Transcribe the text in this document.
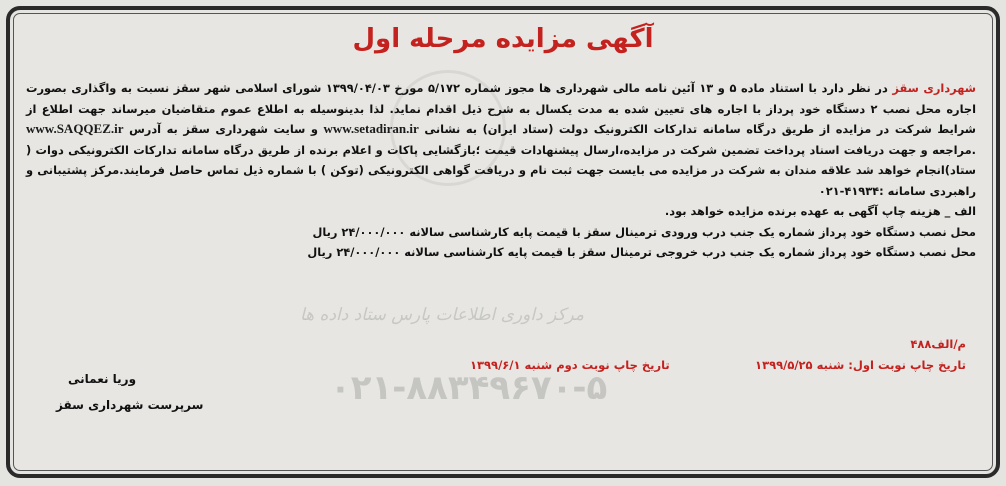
آگهی مزایده مرحله اول

شهرداری سقز در نظر دارد با استناد ماده ۵ و ۱۳ آئین نامه مالی شهرداری ها مجوز شماره ۵/۱۷۲ مورخ ۱۳۹۹/۰۴/۰۳ شورای اسلامی شهر سقز نسبت به واگذاری بصورت اجاره محل نصب ۲ دستگاه خود پرداز با اجاره های تعیین شده به مدت یکسال به شرح ذیل اقدام نماید. لذا بدینوسیله به اطلاع عموم متقاضیان میرساند جهت اطلاع از شرایط شرکت در مزایده از طریق درگاه سامانه تدارکات الکترونیک دولت (ستاد ایران) به نشانی www.setadiran.ir و سایت شهرداری سقز به آدرس www.SAQQEZ.ir .مراجعه و جهت دریافت اسناد پرداخت تضمین شرکت در مزایده،ارسال پیشنهادات قیمت ؛بازگشایی پاکات و اعلام برنده از طریق درگاه سامانه تدارکات الکترونیکی دوات ( ستاد)انجام خواهد شد علاقه مندان به شرکت در مزایده می بایست جهت ثبت نام و دریافت گواهی الکترونیکی (توکن ) با شماره ذیل تماس حاصل فرمایند.مرکز پشتیبانی و راهبردی سامانه :۴۱۹۳۴-۰۲۱

الف _ هزینه چاپ آگهی به عهده برنده مزایده خواهد بود.

محل نصب دستگاه خود پرداز شماره یک جنب درب ورودی ترمینال سقز با قیمت پایه کارشناسی سالانه ۲۴/۰۰۰/۰۰۰ ریال

محل نصب دستگاه خود پرداز شماره یک جنب درب خروجی ترمینال سقز با قیمت پایه کارشناسی سالانه ۲۴/۰۰۰/۰۰۰ ریال

مرکز داوری اطلاعات پارس ستاد داده ها
۰۲۱-۸۸۳۴۹۶۷۰-۵
م/الف۴۸۸
تاریخ چاپ نوبت اول: شنبه ۱۳۹۹/۵/۲۵
تاریخ چاپ نوبت دوم شنبه ۱۳۹۹/۶/۱
وریا نعمانی
سرپرست شهرداری سقز
